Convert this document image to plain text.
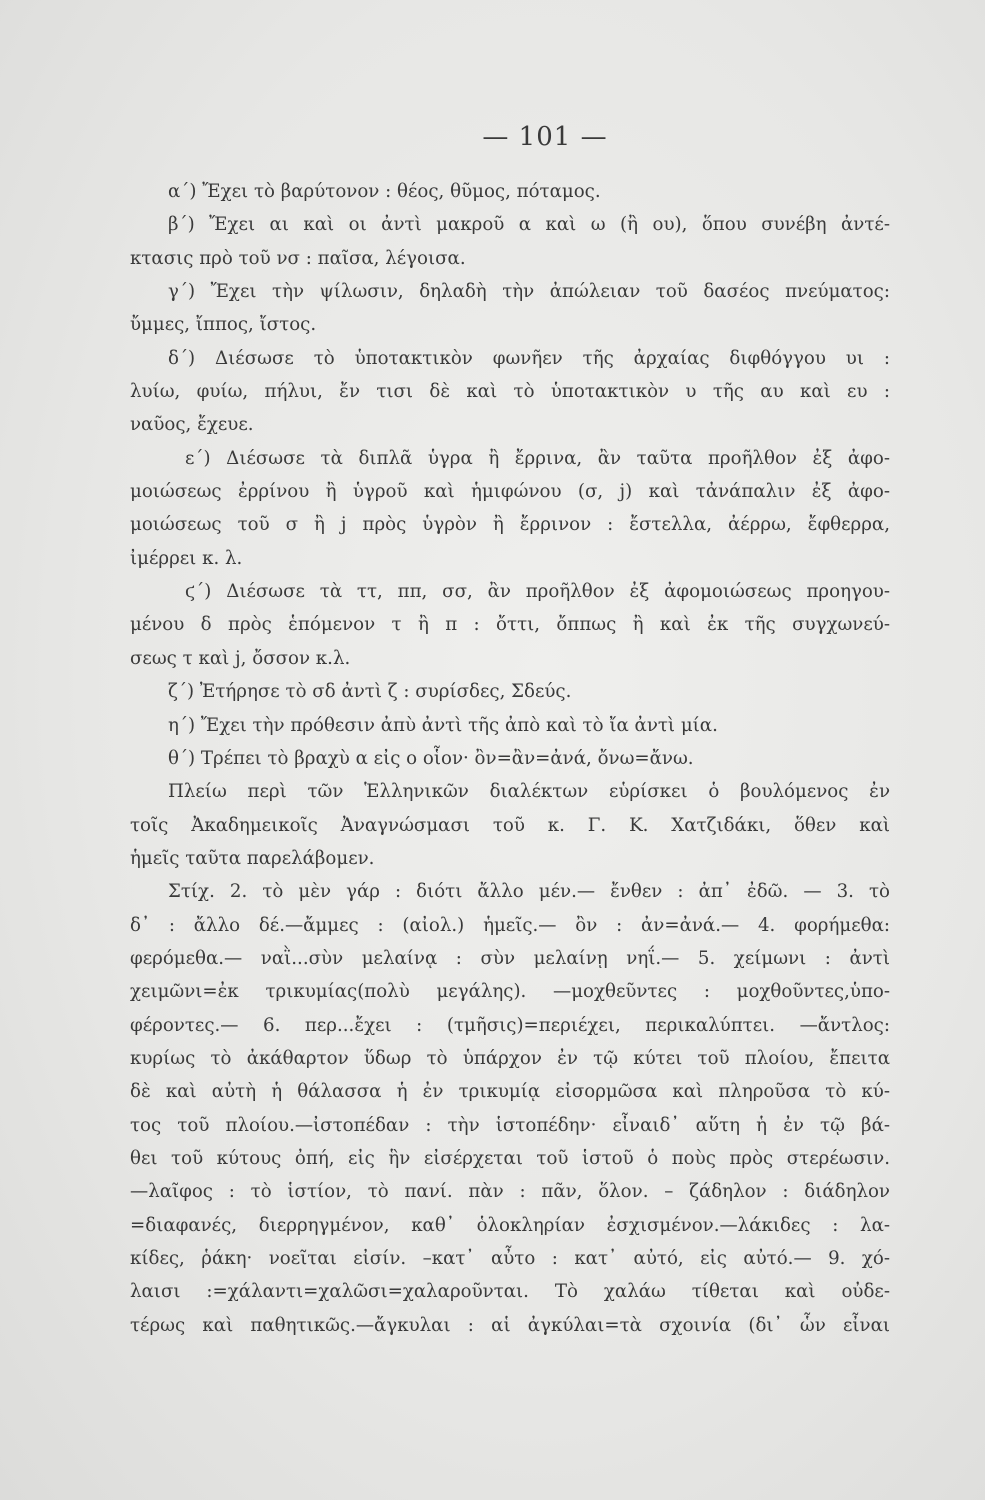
— 101 —
α΄) Ἔχει τὸ βαρύτονον : θέος, θῦμος, πόταμος.
β΄) Ἔχει αι καὶ οι ἀντὶ μακροῦ α καὶ ω (ἢ ου), ὅπου συνέβη ἀντέ-
κτασις πρὸ τοῦ νσ : παῖσα, λέγοισα.
γ΄) Ἔχει τὴν ψίλωσιν, δηλαδὴ τὴν ἀπώλειαν τοῦ δασέος πνεύματος:
ὔμμες, ἴππος, ἴστος.
δ΄) Διέσωσε τὸ ὑποτακτικὸν φωνῆεν τῆς ἀρχαίας διφθόγγου υι :
λυίω, φυίω, πήλυι, ἔν τισι δὲ καὶ τὸ ὑποτακτικὸν υ τῆς αυ καὶ ευ :
ναῦος, ἔχευε.
ε΄) Διέσωσε τὰ διπλᾶ ὑγρα ἢ ἔρρινα, ἂν ταῦτα προῆλθον ἐξ ἀφο-
μοιώσεως ἐρρίνου ἢ ὑγροῦ καὶ ἡμιφώνου (σ, j) καὶ τἀνάπαλιν ἐξ ἀφο-
μοιώσεως τοῦ σ ἢ j πρὸς ὑγρὸν ἢ ἔρρινον : ἔστελλα, ἀέρρω, ἔφθερρα,
ἰμέρρει κ. λ.
ϛ΄) Διέσωσε τὰ ττ, ππ, σσ, ἂν προῆλθον ἐξ ἀφομοιώσεως προηγου-
μένου δ πρὸς ἑπόμενον τ ἢ π : ὄττι, ὄππως ἢ καὶ ἐκ τῆς συγχωνεύ-
σεως τ καὶ j, ὄσσον κ.λ.
ζ΄) Ἐτήρησε τὸ σδ ἀντὶ ζ : συρίσδες, Σδεύς.
η΄) Ἔχει τὴν πρόθεσιν ἀπὺ ἀντὶ τῆς ἀπὸ καὶ τὸ ἴα ἀντὶ μία.
θ΄) Τρέπει τὸ βραχὺ α εἰς ο οἷον· ὂν=ἂν=ἀνά, ὄνω=ἄνω.
Πλείω περὶ τῶν Ἑλληνικῶν διαλέκτων εὑρίσκει ὁ βουλόμενος ἐν
τοῖς Ἀκαδημεικοῖς Ἀναγνώσμασι τοῦ κ. Γ. Κ. Χατζιδάκι, ὅθεν καὶ
ἡμεῖς ταῦτα παρελάβομεν.
Στίχ. 2. τὸ μὲν γάρ : διότι ἄλλο μέν.— ἔνθεν : ἀπ᾽ ἐδῶ. — 3. τὸ
δ᾽ : ἄλλο δέ.—ἄμμες : (αἰολ.) ἡμεῖς.— ὂν : ἀν=ἀνά.— 4. φορήμεθα:
φερόμεθα.— ναῒ...σὺν μελαίνᾳ : σὺν μελαίνῃ νηΐ.— 5. χείμωνι : ἀντὶ
χειμῶνι=ἐκ τρικυμίας(πολὺ μεγάλης). —μοχθεῦντες : μοχθοῦντες,ὑπο-
φέροντες.— 6. περ...ἔχει : (τμῆσις)=περιέχει, περικαλύπτει. —ἄντλος:
κυρίως τὸ ἀκάθαρτον ὕδωρ τὸ ὑπάρχον ἐν τῷ κύτει τοῦ πλοίου, ἔπειτα
δὲ καὶ αὐτὴ ἡ θάλασσα ἡ ἐν τρικυμίᾳ εἰσορμῶσα καὶ πληροῦσα τὸ κύ-
τος τοῦ πλοίου.—ἰστοπέδαν : τὴν ἱστοπέδην· εἶναιδ᾽ αὕτη ἡ ἐν τῷ βά-
θει τοῦ κύτους ὀπή, εἰς ἣν εἰσέρχεται τοῦ ἱστοῦ ὁ ποὺς πρὸς στερέωσιν.
—λαῖφος : τὸ ἱστίον, τὸ πανί. πὰν : πᾶν, ὅλον. – ζάδηλον : διάδηλον
=διαφανές, διερρηγμένον, καθ᾽ ὁλοκληρίαν ἐσχισμένον.—λάκιδες : λα-
κίδες, ῥάκη· νοεῖται εἰσίν. –κατ᾽ αὖτο : κατ᾽ αὐτό, εἰς αὐτό.— 9. χό-
λαισι :=χάλαντι=χαλῶσι=χαλαροῦνται. Τὸ χαλάω τίθεται καὶ οὐδε-
τέρως καὶ παθητικῶς.—ἄγκυλαι : αἱ ἀγκύλαι=τὰ σχοινία (δι᾽ ὧν εἶναι
